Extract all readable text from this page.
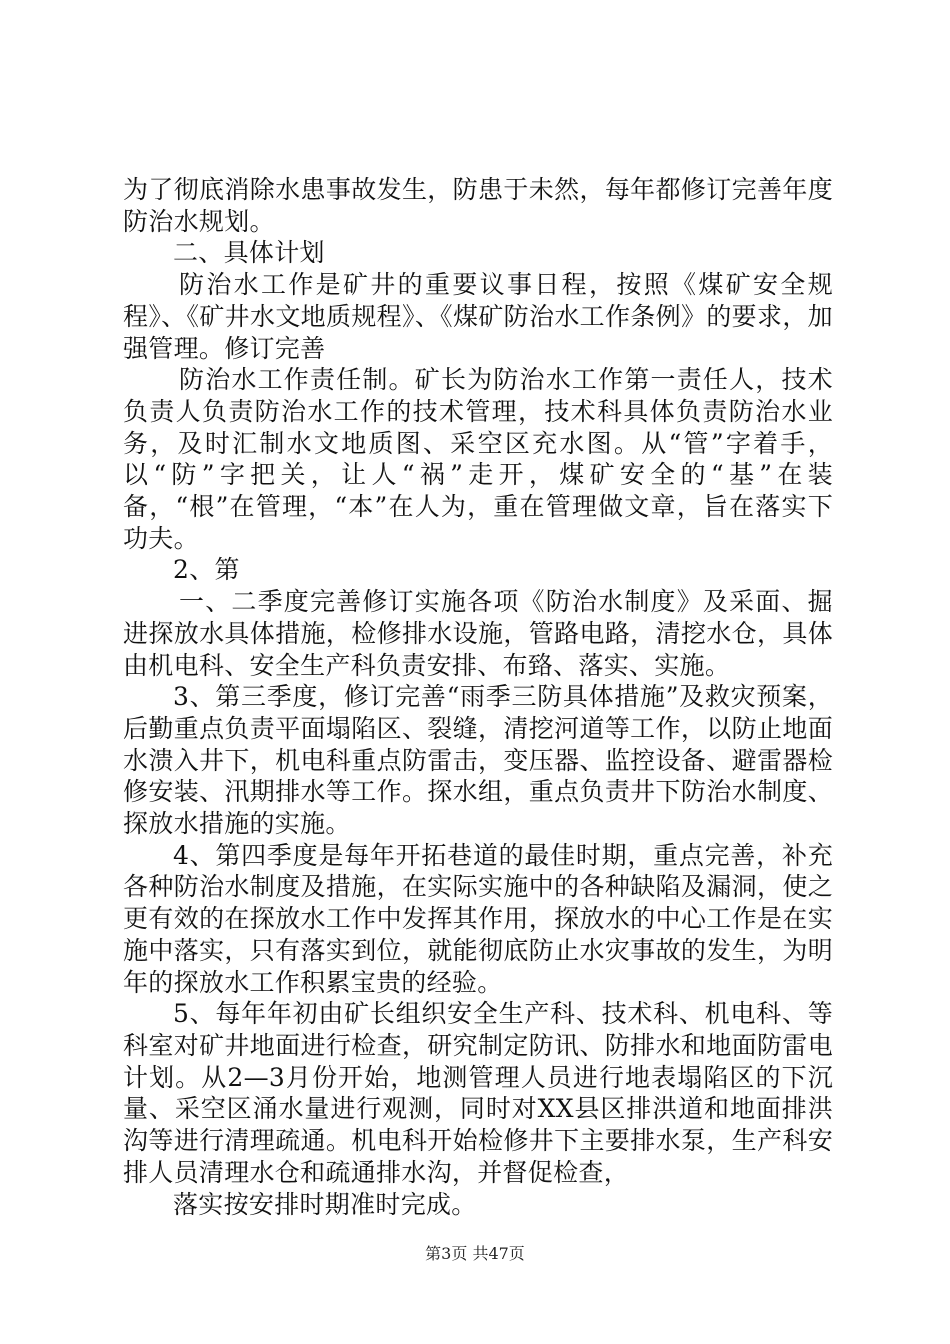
为了彻底消除水患事故发生，防患于未然，每年都修订完善年度防治水规划。

二、具体计划

防治水工作是矿井的重要议事日程，按照《煤矿安全规程》、《矿井水文地质规程》、《煤矿防治水工作条例》的要求，加强管理。修订完善

防治水工作责任制。矿长为防治水工作第一责任人，技术负责人负责防治水工作的技术管理，技术科具体负责防治水业务，及时汇制水文地质图、采空区充水图。从“管”字着手，以“防”字把关，让人“祸”走开，煤矿安全的“基”在装备，“根”在管理，“本”在人为，重在管理做文章，旨在落实下功夫。

2、第

一、二季度完善修订实施各项《防治水制度》及采面、掘进探放水具体措施，检修排水设施，管路电路，清挖水仓，具体由机电科、安全生产科负责安排、布臵、落实、实施。

3、第三季度，修订完善“雨季三防具体措施”及救灾预案，后勤重点负责平面塌陷区、裂缝，清挖河道等工作，以防止地面水溃入井下，机电科重点防雷击，变压器、监控设备、避雷器检修安装、汛期排水等工作。探水组，重点负责井下防治水制度、探放水措施的实施。

4、第四季度是每年开拓巷道的最佳时期，重点完善，补充各种防治水制度及措施，在实际实施中的各种缺陷及漏洞，使之更有效的在探放水工作中发挥其作用，探放水的中心工作是在实施中落实，只有落实到位，就能彻底防止水灾事故的发生，为明年的探放水工作积累宝贵的经验。

5、每年年初由矿长组织安全生产科、技术科、机电科、等科室对矿井地面进行检查，研究制定防讯、防排水和地面防雷电计划。从2—3月份开始，地测管理人员进行地表塌陷区的下沉量、采空区涌水量进行观测，同时对XX县区排洪道和地面排洪沟等进行清理疏通。机电科开始检修井下主要排水泵，生产科安排人员清理水仓和疏通排水沟，并督促检查，

落实按安排时期准时完成。

第3页 共47页
